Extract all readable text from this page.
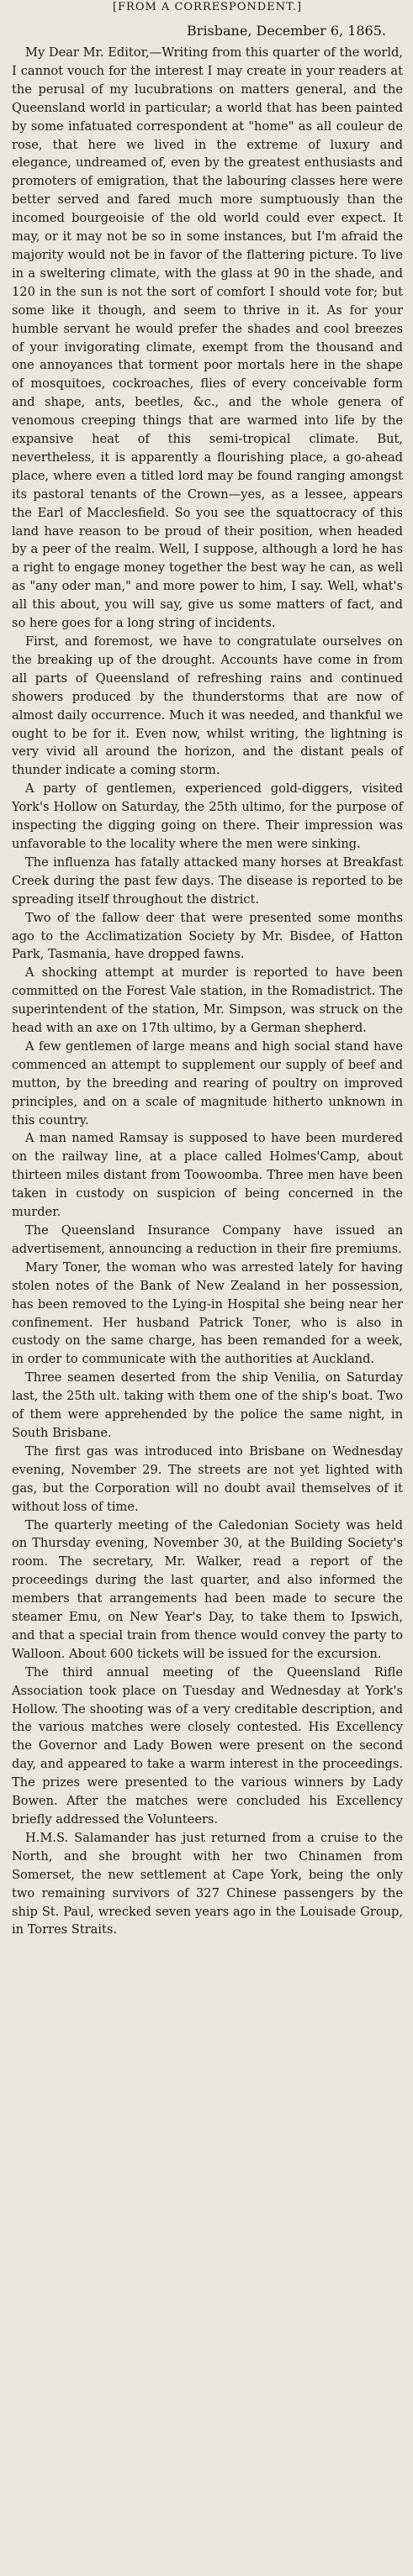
[FROM A CORRESPONDENT.]
Brisbane, December 6, 1865.

My Dear Mr. Editor,—Writing from this quarter of the world, I cannot vouch for the interest I may create in your readers at the perusal of my lucubrations on matters general, and the Queensland world in particular; a world that has been painted by some infatuated correspondent at "home" as all couleur de rose, that here we lived in the extreme of luxury and elegance, undreamed of, even by the greatest enthusiasts and promoters of emigration, that the labouring classes here were better served and fared much more sumptuously than the incomed bourgeoisie of the old world could ever expect. It may, or it may not be so in some instances, but I'm afraid the majority would not be in favor of the flattering picture. To live in a sweltering climate, with the glass at 90 in the shade, and 120 in the sun is not the sort of comfort I should vote for; but some like it though, and seem to thrive in it. As for your humble servant he would prefer the shades and cool breezes of your invigorating climate, exempt from the thousand and one annoyances that torment poor mortals here in the shape of mosquitoes, cockroaches, flies of every conceivable form and shape, ants, beetles, &c., and the whole genera of venomous creeping things that are warmed into life by the expansive heat of this semi-tropical climate. But, nevertheless, it is apparently a flourishing place, a go-ahead place, where even a titled lord may be found ranging amongst its pastoral tenants of the Crown—yes, as a lessee, appears the Earl of Macclesfield. So you see the squattocracy of this land have reason to be proud of their position, when headed by a peer of the realm. Well, I suppose, although a lord he has a right to engage money together the best way he can, as well as "any oder man," and more power to him, I say. Well, what's all this about, you will say, give us some matters of fact, and so here goes for a long string of incidents.

First, and foremost, we have to congratulate ourselves on the breaking up of the drought. Accounts have come in from all parts of Queensland of refreshing rains and continued showers produced by the thunderstorms that are now of almost daily occurrence. Much it was needed, and thankful we ought to be for it. Even now, whilst writing, the lightning is very vivid all around the horizon, and the distant peals of thunder indicate a coming storm.

A party of gentlemen, experienced gold-diggers, visited York's Hollow on Saturday, the 25th ultimo, for the purpose of inspecting the digging going on there. Their impression was unfavorable to the locality where the men were sinking.

The influenza has fatally attacked many horses at Breakfast Creek during the past few days. The disease is reported to be spreading itself throughout the district.

Two of the fallow deer that were presented some months ago to the Acclimatization Society by Mr. Bisdee, of Hatton Park, Tasmania, have dropped fawns.

A shocking attempt at murder is reported to have been committed on the Forest Vale station, in the Romadistrict. The superintendent of the station, Mr. Simpson, was struck on the head with an axe on 17th ultimo, by a German shepherd.

A few gentlemen of large means and high social stand have commenced an attempt to supplement our supply of beef and mutton, by the breeding and rearing of poultry on improved principles, and on a scale of magnitude hitherto unknown in this country.

A man named Ramsay is supposed to have been murdered on the railway line, at a place called Holmes'Camp, about thirteen miles distant from Toowoomba. Three men have been taken in custody on suspicion of being concerned in the murder.

The Queensland Insurance Company have issued an advertisement, announcing a reduction in their fire premiums.

Mary Toner, the woman who was arrested lately for having stolen notes of the Bank of New Zealand in her possession, has been removed to the Lying-in Hospital she being near her confinement. Her husband Patrick Toner, who is also in custody on the same charge, has been remanded for a week, in order to communicate with the authorities at Auckland.

Three seamen deserted from the ship Venilia, on Saturday last, the 25th ult. taking with them one of the ship's boat. Two of them were apprehended by the police the same night, in South Brisbane.

The first gas was introduced into Brisbane on Wednesday evening, November 29. The streets are not yet lighted with gas, but the Corporation will no doubt avail themselves of it without loss of time.

The quarterly meeting of the Caledonian Society was held on Thursday evening, November 30, at the Building Society's room. The secretary, Mr. Walker, read a report of the proceedings during the last quarter, and also informed the members that arrangements had been made to secure the steamer Emu, on New Year's Day, to take them to Ipswich, and that a special train from thence would convey the party to Walloon. About 600 tickets will be issued for the excursion.

The third annual meeting of the Queensland Rifle Association took place on Tuesday and Wednesday at York's Hollow. The shooting was of a very creditable description, and the various matches were closely contested. His Excellency the Governor and Lady Bowen were present on the second day, and appeared to take a warm interest in the proceedings. The prizes were presented to the various winners by Lady Bowen. After the matches were concluded his Excellency briefly addressed the Volunteers.

H.M.S. Salamander has just returned from a cruise to the North, and she brought with her two Chinamen from Somerset, the new settlement at Cape York, being the only two remaining survivors of 327 Chinese passengers by the ship St. Paul, wrecked seven years ago in the Louisade Group, in Torres Straits.
